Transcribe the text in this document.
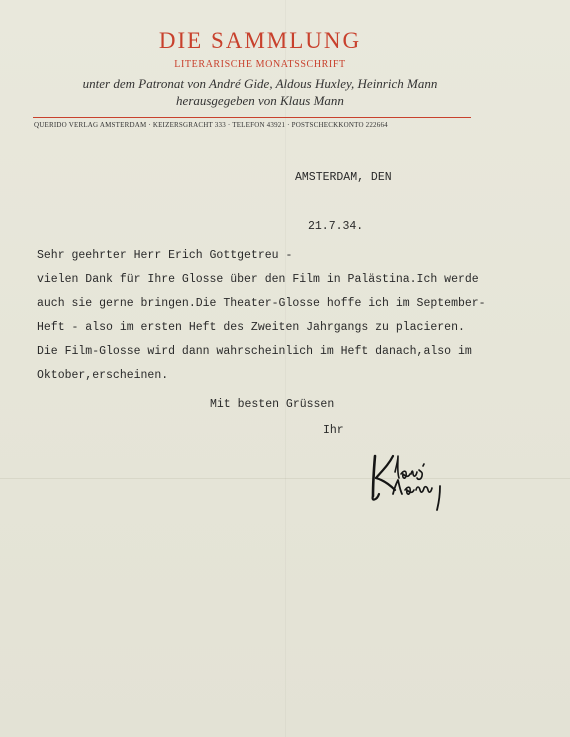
DIE SAMMLUNG
LITERARISCHE MONATSSCHRIFT
unter dem Patronat von André Gide, Aldous Huxley, Heinrich Mann
herausgegeben von Klaus Mann
QUERIDO VERLAG AMSTERDAM · KEIZERSGRACHT 333 · TELEFON 43921 · POSTSCHECKKONTO 222664
AMSTERDAM, DEN
21.7.34.
Sehr geehrter Herr Erich Gottgetreu -
vielen Dank für Ihre Glosse über den Film in Palästina.Ich werde
auch sie gerne bringen.Die Theater-Glosse hoffe ich im September-
Heft - also im ersten Heft des Zweiten Jahrgangs zu placieren.
Die Film-Glosse wird dann wahrscheinlich im Heft danach,also im
Oktober,erscheinen.
Mit besten Grüssen
Ihr
